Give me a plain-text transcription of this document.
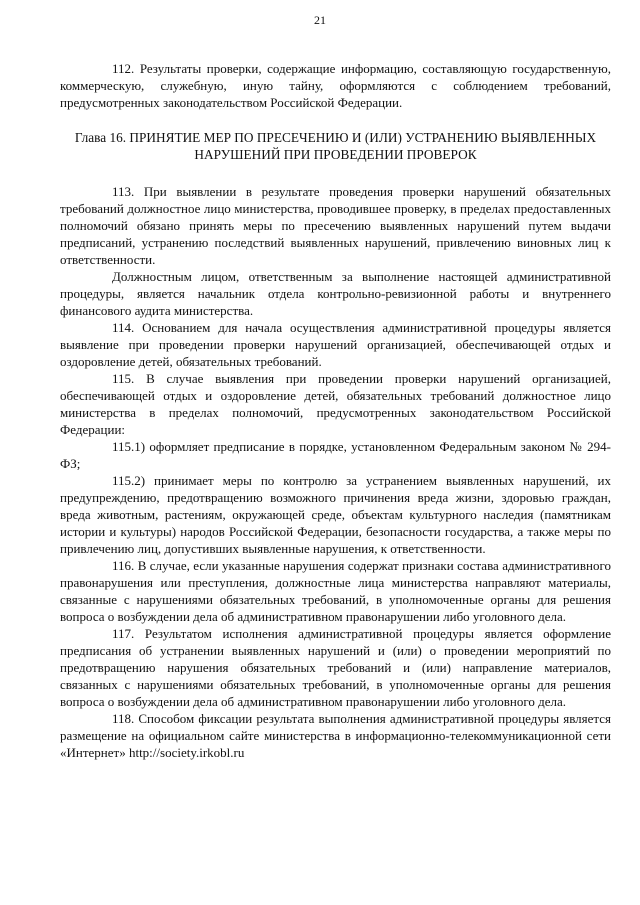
21

112. Результаты проверки, содержащие информацию, составляющую государственную, коммерческую, служебную, иную тайну, оформляются с соблюдением требований, предусмотренных законодательством Российской Федерации.

Глава 16. ПРИНЯТИЕ МЕР ПО ПРЕСЕЧЕНИЮ И (ИЛИ) УСТРАНЕНИЮ ВЫЯВЛЕННЫХ НАРУШЕНИЙ ПРИ ПРОВЕДЕНИИ ПРОВЕРОК

113. При выявлении в результате проведения проверки нарушений обязательных требований должностное лицо министерства, проводившее проверку, в пределах предоставленных полномочий обязано принять меры по пресечению выявленных нарушений путем выдачи предписаний, устранению последствий выявленных нарушений, привлечению виновных лиц к ответственности.

Должностным лицом, ответственным за выполнение настоящей административной процедуры, является начальник отдела контрольно-ревизионной работы и внутреннего финансового аудита министерства.

114. Основанием для начала осуществления административной процедуры является выявление при проведении проверки нарушений организацией, обеспечивающей отдых и оздоровление детей, обязательных требований.

115. В случае выявления при проведении проверки нарушений организацией, обеспечивающей отдых и оздоровление детей, обязательных требований должностное лицо министерства в пределах полномочий, предусмотренных законодательством Российской Федерации:

115.1) оформляет предписание в порядке, установленном Федеральным законом № 294-ФЗ;

115.2) принимает меры по контролю за устранением выявленных нарушений, их предупреждению, предотвращению возможного причинения вреда жизни, здоровью граждан, вреда животным, растениям, окружающей среде, объектам культурного наследия (памятникам истории и культуры) народов Российской Федерации, безопасности государства, а также меры по привлечению лиц, допустивших выявленные нарушения, к ответственности.

116. В случае, если указанные нарушения содержат признаки состава административного правонарушения или преступления, должностные лица министерства направляют материалы, связанные с нарушениями обязательных требований, в уполномоченные органы для решения вопроса о возбуждении дела об административном правонарушении либо уголовного дела.

117. Результатом исполнения административной процедуры является оформление предписания об устранении выявленных нарушений и (или) о проведении мероприятий по предотвращению нарушения обязательных требований и (или) направление материалов, связанных с нарушениями обязательных требований, в уполномоченные органы для решения вопроса о возбуждении дела об административном правонарушении либо уголовного дела.

118. Способом фиксации результата выполнения административной процедуры является размещение на официальном сайте министерства в информационно-телекоммуникационной сети «Интернет» http://society.irkobl.ru
